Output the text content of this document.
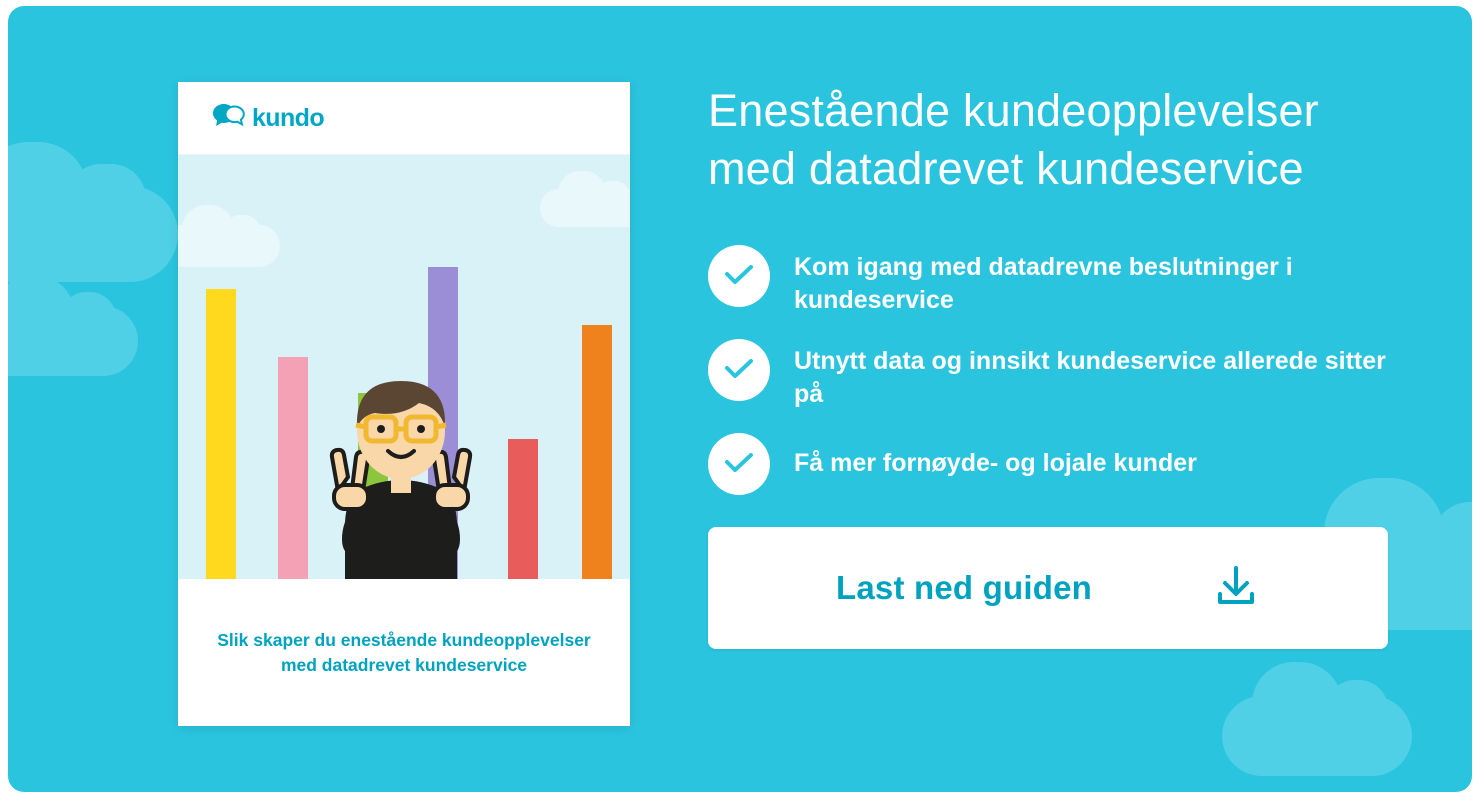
kundo
Slik skaper du enestående kundeopplevelser
med datadrevet kundeservice
Enestående kundeopplevelser
med datadrevet kundeservice
Kom igang med datadrevne beslutninger i kundeservice
Utnytt data og innsikt kundeservice allerede sitter på
Få mer fornøyde- og lojale kunder
Last ned guiden
